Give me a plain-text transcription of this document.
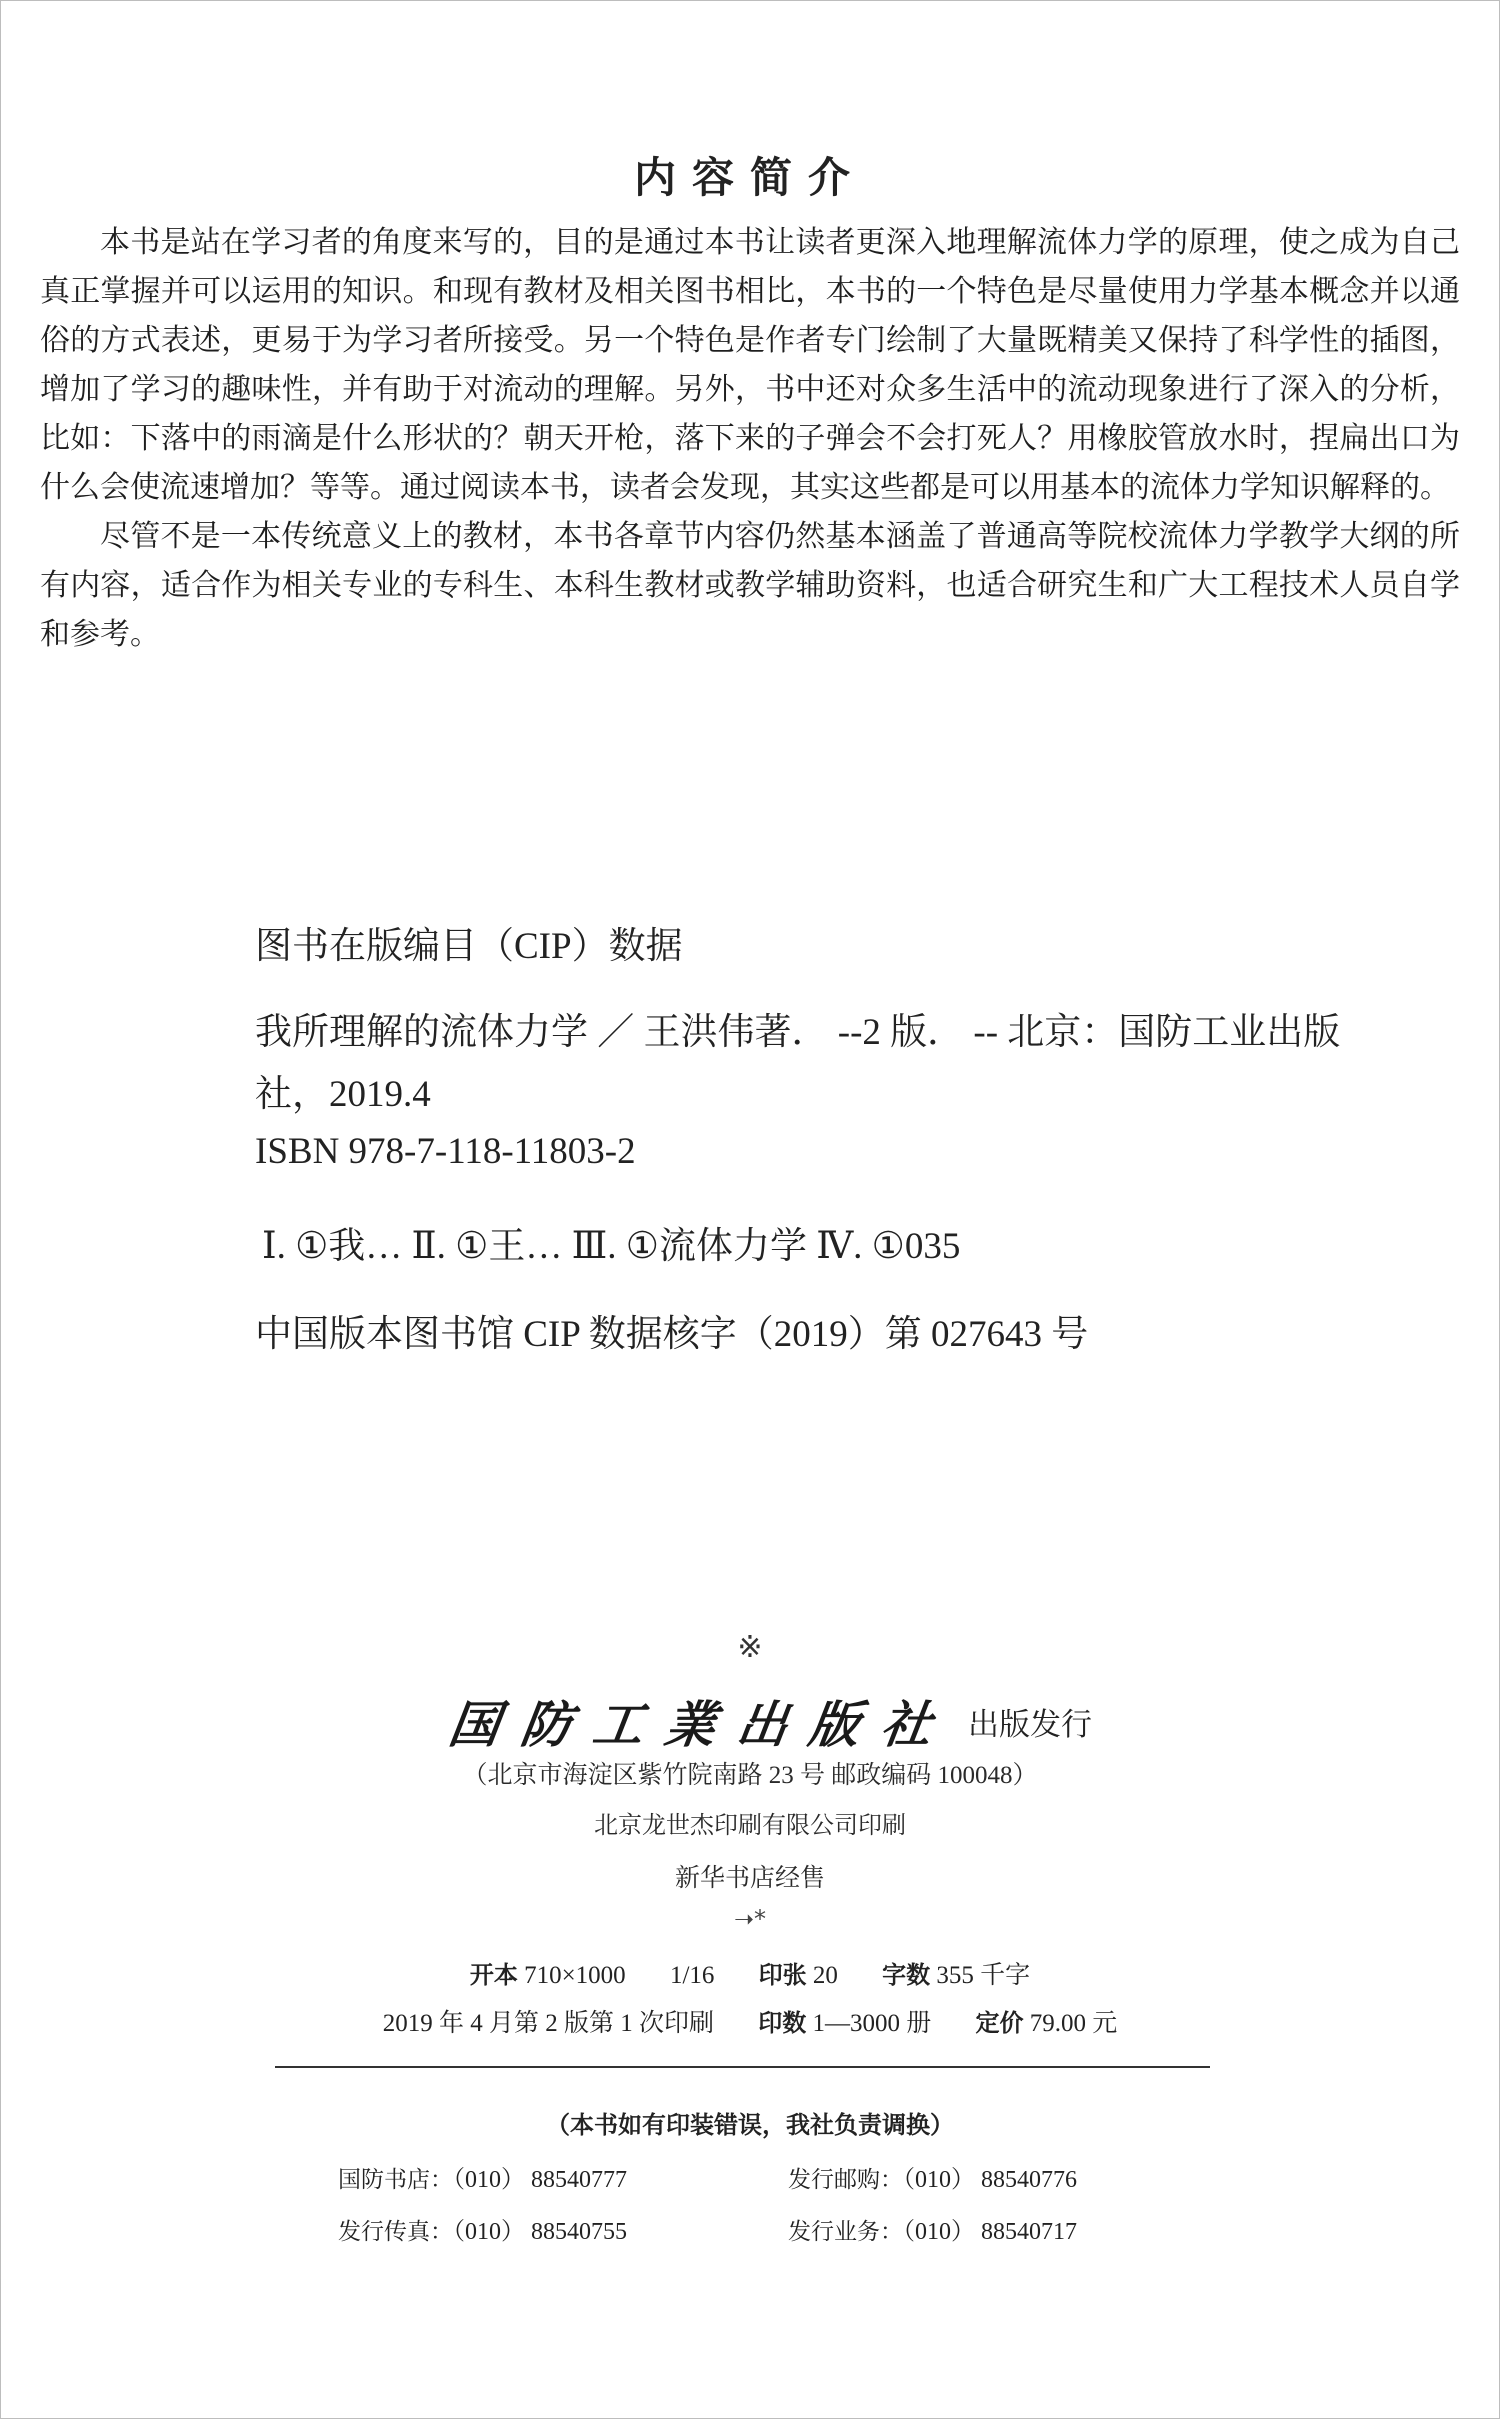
内容简介

本书是站在学习者的角度来写的，目的是通过本书让读者更深入地理解流体力学的原理，使之成为自己真正掌握并可以运用的知识。和现有教材及相关图书相比，本书的一个特色是尽量使用力学基本概念并以通俗的方式表述，更易于为学习者所接受。另一个特色是作者专门绘制了大量既精美又保持了科学性的插图，增加了学习的趣味性，并有助于对流动的理解。另外，书中还对众多生活中的流动现象进行了深入的分析，比如：下落中的雨滴是什么形状的？朝天开枪，落下来的子弹会不会打死人？用橡胶管放水时，捏扁出口为什么会使流速增加？等等。通过阅读本书，读者会发现，其实这些都是可以用基本的流体力学知识解释的。

尽管不是一本传统意义上的教材，本书各章节内容仍然基本涵盖了普通高等院校流体力学教学大纲的所有内容，适合作为相关专业的专科生、本科生教材或教学辅助资料，也适合研究生和广大工程技术人员自学和参考。

图书在版编目（CIP）数据
我所理解的流体力学 ／ 王洪伟著． --2 版． -- 北京：国防工业出版社，2019.4
ISBN 978-7-118-11803-2
Ⅰ. ①我… Ⅱ. ①王… Ⅲ. ①流体力学 Ⅳ. ①035
中国版本图书馆 CIP 数据核字（2019）第 027643 号
※
国防工業出版社 出版发行
（北京市海淀区紫竹院南路 23 号 邮政编码 100048）
北京龙世杰印刷有限公司印刷
新华书店经售
➝*
开本 710×1000 1/16 印张 20 字数 355 千字
2019 年 4 月第 2 版第 1 次印刷 印数 1—3000 册 定价 79.00 元
（本书如有印装错误，我社负责调换）
国防书店：（010） 88540777	发行邮购：（010） 88540776
发行传真：（010） 88540755	发行业务：（010） 88540717
